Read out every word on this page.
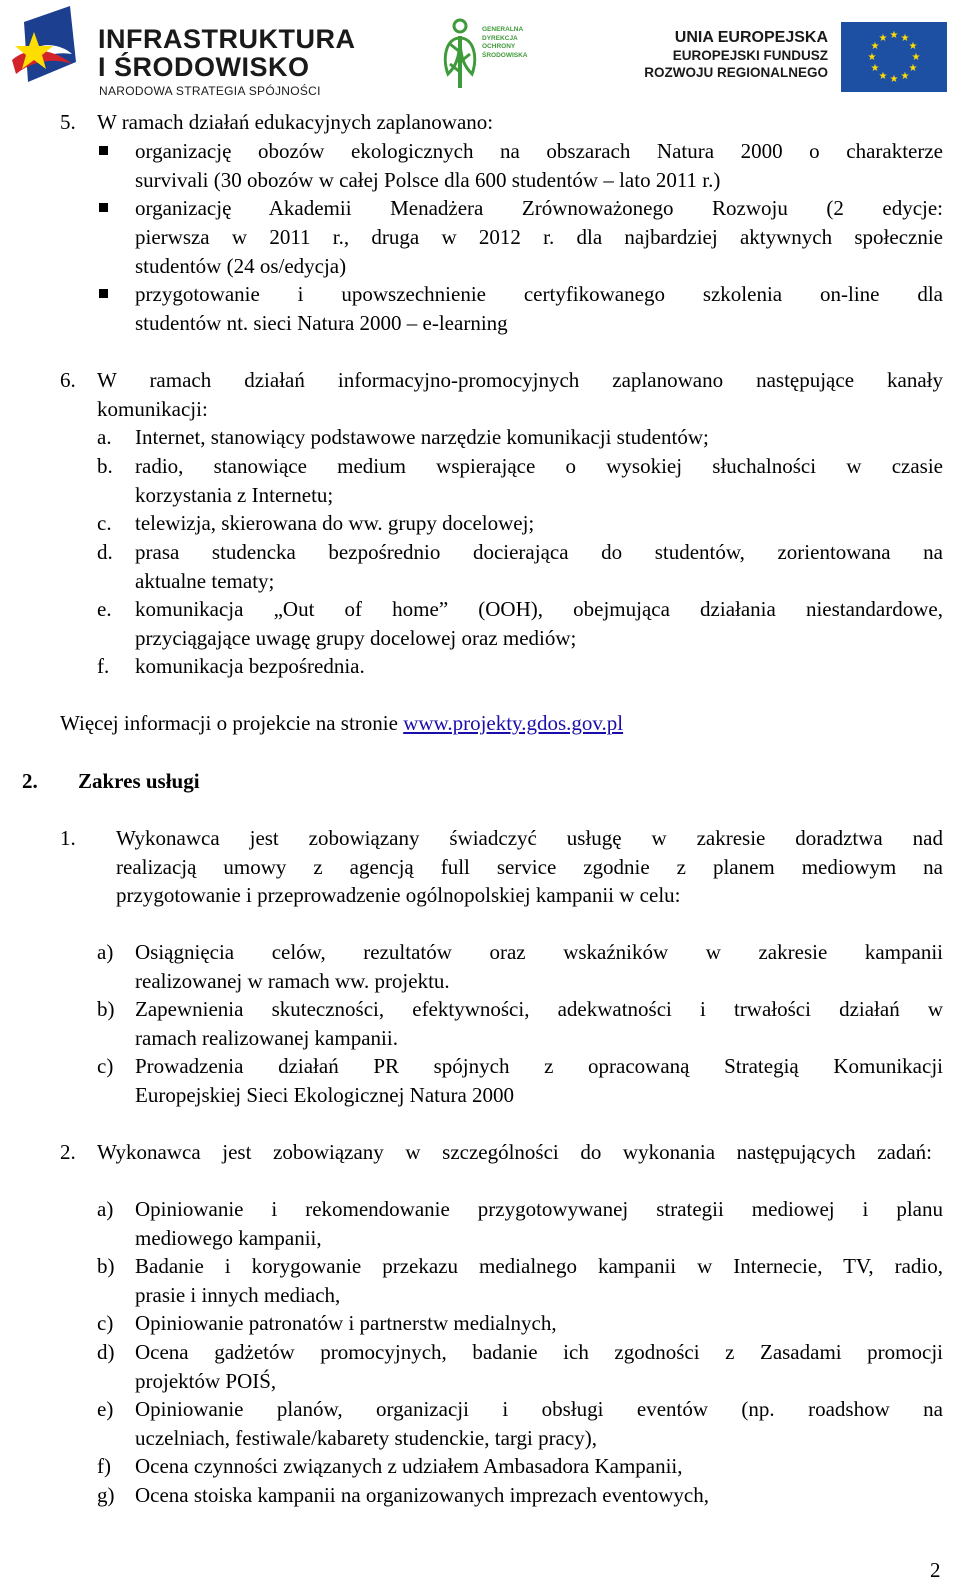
INFRASTRUKTURA
I ŚRODOWISKO
NARODOWA STRATEGIA SPÓJNOŚCI
GENERALNA
DYREKCJA
OCHRONY
ŚRODOWISKA
UNIA EUROPEJSKA
EUROPEJSKI FUNDUSZ
ROZWOJU REGIONALNEGO
★ ★
★
★
★
★
★
★
★
★
★
★
5. W ramach działań edukacyjnych zaplanowano:
organizację obozów ekologicznych na obszarach Natura 2000 o charakterze
survivali (30 obozów w całej Polsce dla 600 studentów – lato 2011 r.)
organizację Akademii Menadżera Zrównoważonego Rozwoju (2 edycje:
pierwsza w 2011 r., druga w 2012 r. dla najbardziej aktywnych społecznie
studentów (24 os/edycja)
przygotowanie i upowszechnienie certyfikowanego szkolenia on-line dla
studentów nt. sieci Natura 2000 – e-learning
6. W ramach działań informacyjno-promocyjnych zaplanowano następujące kanały
komunikacji:
a. Internet, stanowiący podstawowe narzędzie komunikacji studentów;
b. radio, stanowiące medium wspierające o wysokiej słuchalności w czasie
korzystania z Internetu;
c. telewizja, skierowana do ww. grupy docelowej;
d. prasa studencka bezpośrednio docierająca do studentów, zorientowana na
aktualne tematy;
e. komunikacja „Out of home” (OOH), obejmująca działania niestandardowe,
przyciągające uwagę grupy docelowej oraz mediów;
f. komunikacja bezpośrednia.
Więcej informacji o projekcie na stronie www.projekty.gdos.gov.pl
2. Zakres usługi
1. Wykonawca jest zobowiązany świadczyć usługę w zakresie doradztwa nad
realizacją umowy z agencją full service zgodnie z planem mediowym na
przygotowanie i przeprowadzenie ogólnopolskiej kampanii w celu:
a) Osiągnięcia celów, rezultatów oraz wskaźników w zakresie kampanii
realizowanej w ramach ww. projektu.
b) Zapewnienia skuteczności, efektywności, adekwatności i trwałości działań w
ramach realizowanej kampanii.
c) Prowadzenia działań PR spójnych z opracowaną Strategią Komunikacji
Europejskiej Sieci Ekologicznej Natura 2000
2. Wykonawca jest zobowiązany w szczególności do wykonania następujących zadań:
a) Opiniowanie i rekomendowanie przygotowywanej strategii mediowej i planu
mediowego kampanii,
b) Badanie i korygowanie przekazu medialnego kampanii w Internecie, TV, radio,
prasie i innych mediach,
c) Opiniowanie patronatów i partnerstw medialnych,
d) Ocena gadżetów promocyjnych, badanie ich zgodności z Zasadami promocji
projektów POIŚ,
e) Opiniowanie planów, organizacji i obsługi eventów (np. roadshow na
uczelniach, festiwale/kabarety studenckie, targi pracy),
f) Ocena czynności związanych z udziałem Ambasadora Kampanii,
g) Ocena stoiska kampanii na organizowanych imprezach eventowych,
2
